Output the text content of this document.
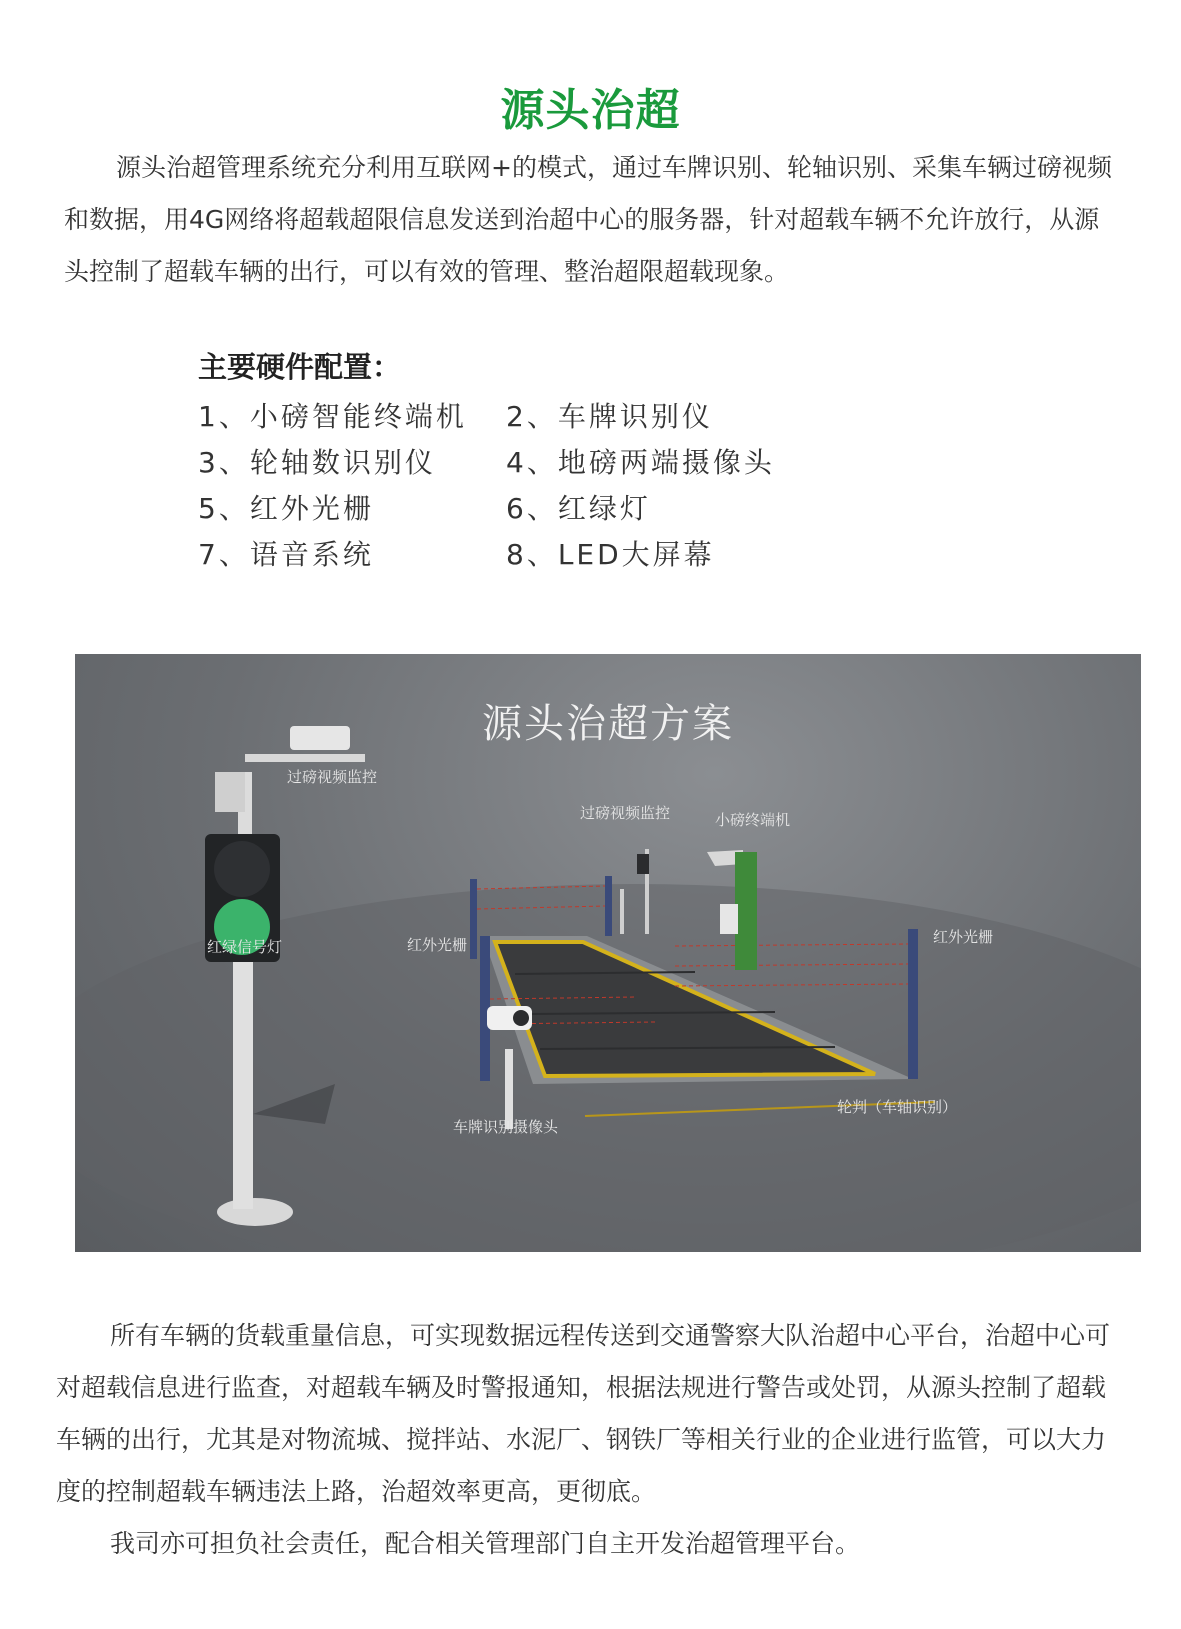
源头治超

源头治超管理系统充分利用互联网+的模式，通过车牌识别、轮轴识别、采集车辆过磅视频和数据，用4G网络将超载超限信息发送到治超中心的服务器，针对超载车辆不允许放行，从源头控制了超载车辆的出行，可以有效的管理、整治超限超载现象。

主要硬件配置：
1、小磅智能终端机	2、车牌识别仪
3、轮轴数识别仪	4、地磅两端摄像头
5、红外光栅	6、红绿灯
7、语音系统	8、LED大屏幕
源头治超方案
过磅视频监控
红绿信号灯	红外光栅
过磅视频监控	小磅终端机
红外光栅
车牌识别摄像头
轮判（车轴识别）

所有车辆的货载重量信息，可实现数据远程传送到交通警察大队治超中心平台，治超中心可对超载信息进行监查，对超载车辆及时警报通知，根据法规进行警告或处罚，从源头控制了超载车辆的出行，尤其是对物流城、搅拌站、水泥厂、钢铁厂等相关行业的企业进行监管，可以大力度的控制超载车辆违法上路，治超效率更高，更彻底。

我司亦可担负社会责任，配合相关管理部门自主开发治超管理平台。
